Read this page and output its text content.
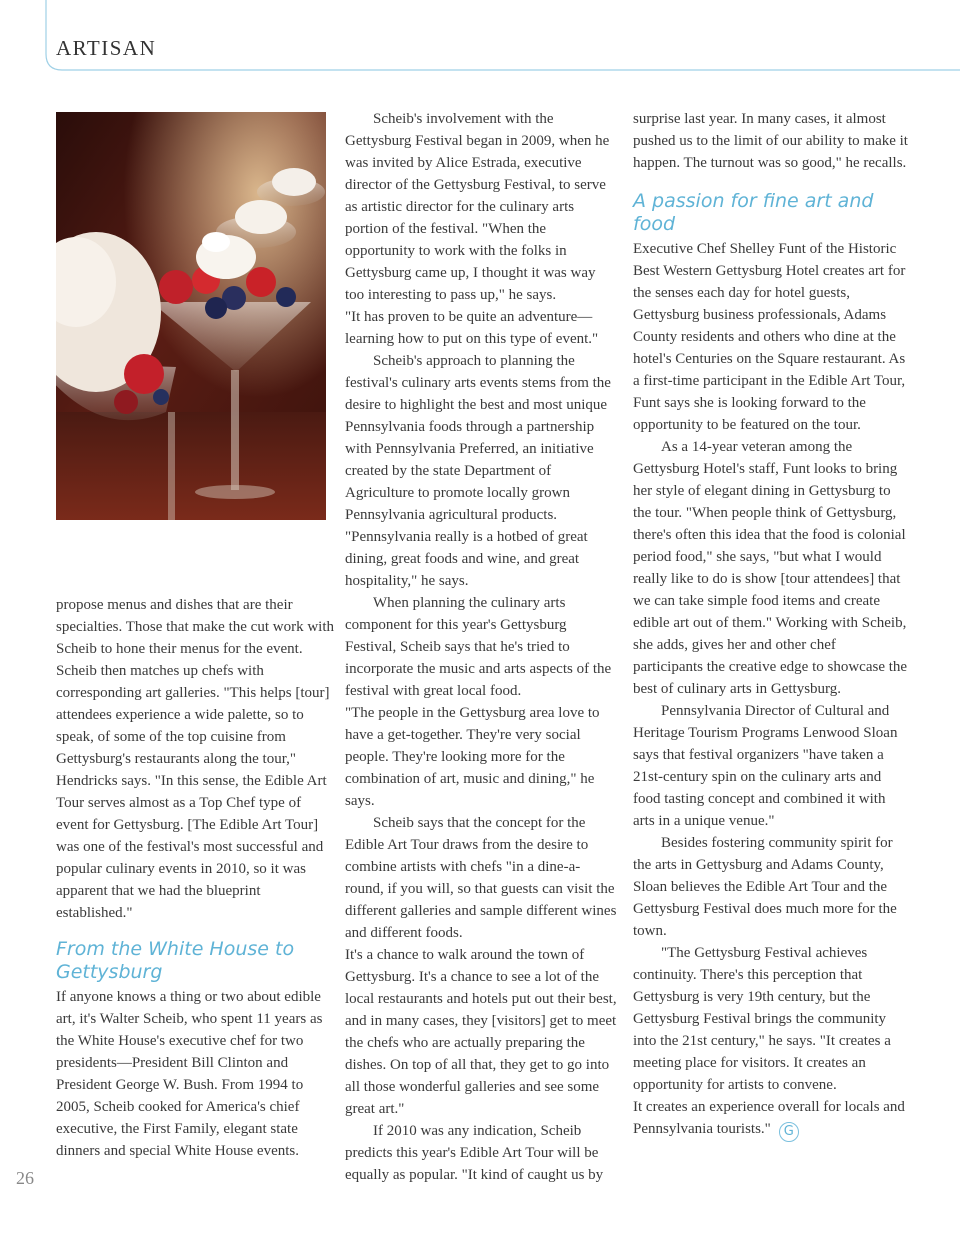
ARTISAN

propose menus and dishes that are their specialties. Those that make the cut work with Scheib to hone their menus for the event. Scheib then matches up chefs with corresponding art galleries. "This helps [tour] attendees experience a wide palette, so to speak, of some of the top cuisine from Gettysburg's restaurants along the tour," Hendricks says. "In this sense, the Edible Art Tour serves almost as a Top Chef type of event for Gettysburg. [The Edible Art Tour] was one of the festival's most successful and popular culinary events in 2010, so it was apparent that we had the blueprint established."

From the White House to Gettysburg

If anyone knows a thing or two about edible art, it's Walter Scheib, who spent 11 years as the White House's executive chef for two presidents—President Bill Clinton and President George W. Bush. From 1994 to 2005, Scheib cooked for America's chief executive, the First Family, elegant state dinners and special White House events.

Scheib's involvement with the Gettysburg Festival began in 2009, when he was invited by Alice Estrada, executive director of the Gettysburg Festival, to serve as artistic director for the culinary arts portion of the festival. "When the opportunity to work with the folks in Gettysburg came up, I thought it was way too interesting to pass up," he says.

"It has proven to be quite an adventure—learning how to put on this type of event."

Scheib's approach to planning the festival's culinary arts events stems from the desire to highlight the best and most unique Pennsylvania foods through a partnership with Pennsylvania Preferred, an initiative created by the state Department of Agriculture to promote locally grown Pennsylvania agricultural products. "Pennsylvania really is a hotbed of great dining, great foods and wine, and great hospitality," he says.

When planning the culinary arts component for this year's Gettysburg Festival, Scheib says that he's tried to incorporate the music and arts aspects of the festival with great local food.

"The people in the Gettysburg area love to have a get-together. They're very social people. They're looking more for the combination of art, music and dining," he says.

Scheib says that the concept for the Edible Art Tour draws from the desire to combine artists with chefs "in a dine-a-round, if you will, so that guests can visit the different galleries and sample different wines and different foods.

It's a chance to walk around the town of Gettysburg. It's a chance to see a lot of the local restaurants and hotels put out their best, and in many cases, they [visitors] get to meet the chefs who are actually preparing the dishes. On top of all that, they get to go into all those wonderful galleries and see some great art."

If 2010 was any indication, Scheib predicts this year's Edible Art Tour will be equally as popular. "It kind of caught us by

surprise last year. In many cases, it almost pushed us to the limit of our ability to make it happen. The turnout was so good," he recalls.

A passion for fine art and food

Executive Chef Shelley Funt of the Historic Best Western Gettysburg Hotel creates art for the senses each day for hotel guests, Gettysburg business professionals, Adams County residents and others who dine at the hotel's Centuries on the Square restaurant. As a first-time participant in the Edible Art Tour, Funt says she is looking forward to the opportunity to be featured on the tour.

As a 14-year veteran among the Gettysburg Hotel's staff, Funt looks to bring her style of elegant dining in Gettysburg to the tour. "When people think of Gettysburg, there's often this idea that the food is colonial period food," she says, "but what I would really like to do is show [tour attendees] that we can take simple food items and create edible art out of them." Working with Scheib, she adds, gives her and other chef participants the creative edge to showcase the best of culinary arts in Gettysburg.

Pennsylvania Director of Cultural and Heritage Tourism Programs Lenwood Sloan says that festival organizers "have taken a 21st-century spin on the culinary arts and food tasting concept and combined it with arts in a unique venue."

Besides fostering community spirit for the arts in Gettysburg and Adams County, Sloan believes the Edible Art Tour and the Gettysburg Festival does much more for the town.

"The Gettysburg Festival achieves continuity. There's this perception that Gettysburg is very 19th century, but the Gettysburg Festival brings the community into the 21st century," he says. "It creates a meeting place for visitors. It creates an opportunity for artists to convene.

It creates an experience overall for locals and Pennsylvania tourists." G

26
